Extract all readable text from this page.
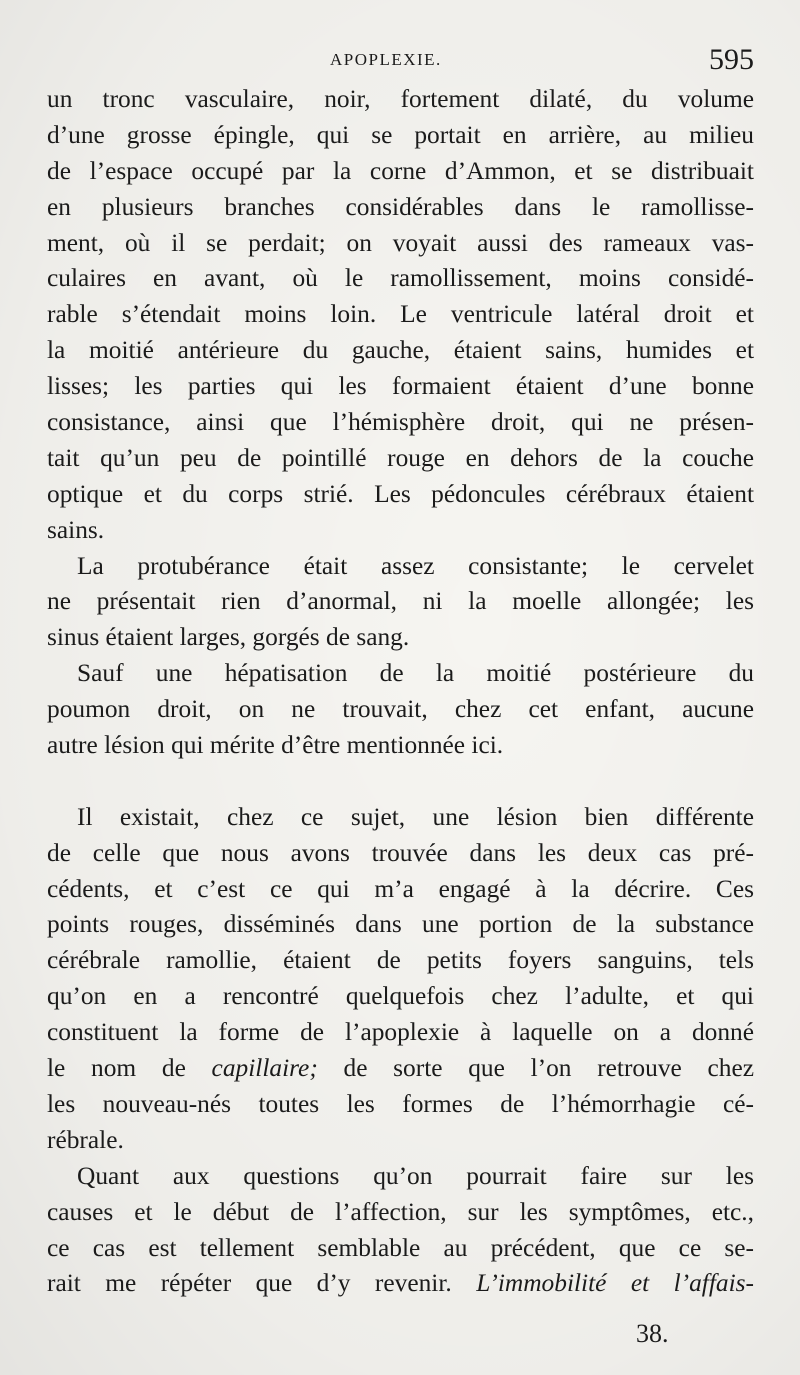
APOPLEXIE.	595
un tronc vasculaire, noir, fortement dilaté, du volume
d’une grosse épingle, qui se portait en arrière, au milieu
de l’espace occupé par la corne d’Ammon, et se distribuait
en plusieurs branches considérables dans le ramollisse-
ment, où il se perdait; on voyait aussi des rameaux vas-
culaires en avant, où le ramollissement, moins considé-
rable s’étendait moins loin. Le ventricule latéral droit et
la moitié antérieure du gauche, étaient sains, humides et
lisses; les parties qui les formaient étaient d’une bonne
consistance, ainsi que l’hémisphère droit, qui ne présen-
tait qu’un peu de pointillé rouge en dehors de la couche
optique et du corps strié. Les pédoncules cérébraux étaient
sains.
La protubérance était assez consistante; le cervelet
ne présentait rien d’anormal, ni la moelle allongée; les
sinus étaient larges, gorgés de sang.
Sauf une hépatisation de la moitié postérieure du
poumon droit, on ne trouvait, chez cet enfant, aucune
autre lésion qui mérite d’être mentionnée ici.
Il existait, chez ce sujet, une lésion bien différente
de celle que nous avons trouvée dans les deux cas pré-
cédents, et c’est ce qui m’a engagé à la décrire. Ces
points rouges, disséminés dans une portion de la substance
cérébrale ramollie, étaient de petits foyers sanguins, tels
qu’on en a rencontré quelquefois chez l’adulte, et qui
constituent la forme de l’apoplexie à laquelle on a donné
le nom de capillaire; de sorte que l’on retrouve chez
les nouveau-nés toutes les formes de l’hémorrhagie cé-
rébrale.
Quant aux questions qu’on pourrait faire sur les
causes et le début de l’affection, sur les symptômes, etc.,
ce cas est tellement semblable au précédent, que ce se-
rait me répéter que d’y revenir. L’immobilité et l’affais-
38.
